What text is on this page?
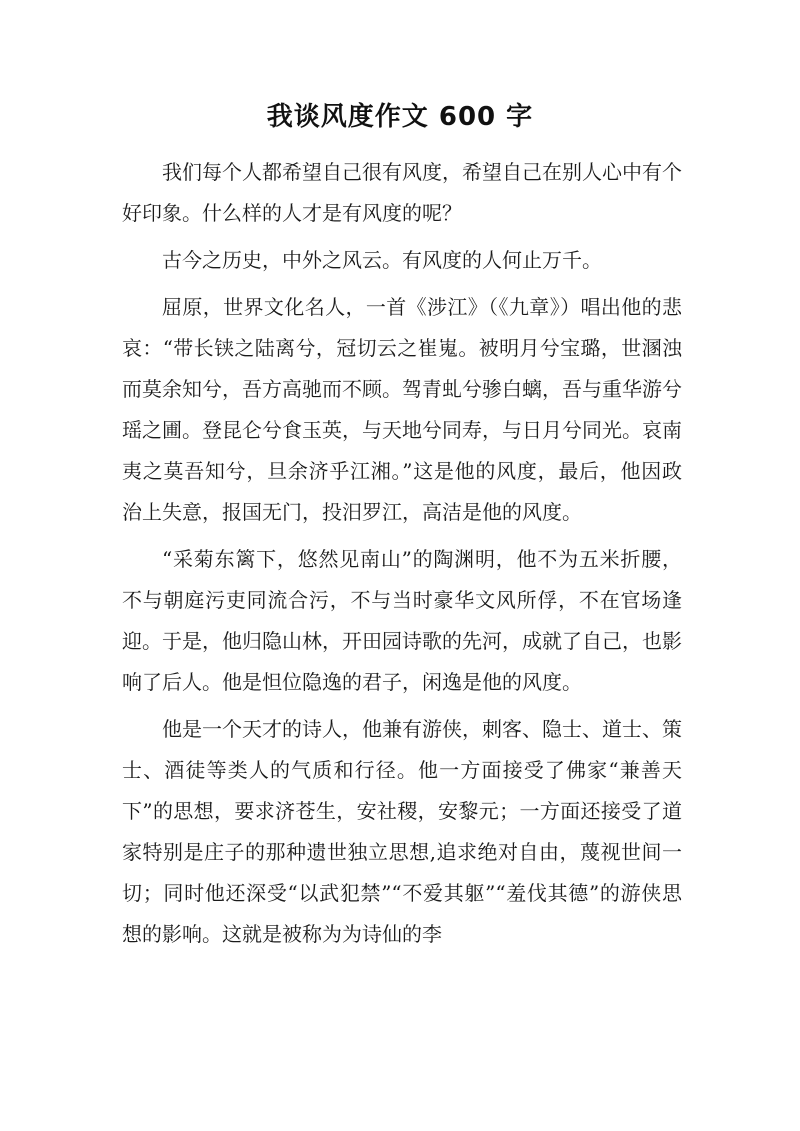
我谈风度作文 600 字

我们每个人都希望自己很有风度，希望自己在别人心中有个好印象。什么样的人才是有风度的呢？

古今之历史，中外之风云。有风度的人何止万千。

屈原，世界文化名人，一首《涉江》（《九章》）唱出他的悲哀：“带长铗之陆离兮，冠切云之崔嵬。被明月兮宝璐，世溷浊而莫余知兮，吾方高驰而不顾。驾青虬兮骖白螭，吾与重华游兮瑶之圃。登昆仑兮食玉英，与天地兮同寿，与日月兮同光。哀南夷之莫吾知兮，旦余济乎江湘。”这是他的风度，最后，他因政治上失意，报国无门，投汨罗江，高洁是他的风度。

“采菊东篱下，悠然见南山”的陶渊明，他不为五米折腰，不与朝庭污吏同流合污，不与当时豪华文风所俘，不在官场逢迎。于是，他归隐山林，开田园诗歌的先河，成就了自己，也影响了后人。他是怛位隐逸的君子，闲逸是他的风度。

他是一个天才的诗人，他兼有游侠，刺客、隐士、道士、策士、酒徒等类人的气质和行径。他一方面接受了佛家“兼善天下”的思想，要求济苍生，安社稷，安黎元；一方面还接受了道家特别是庄子的那种遗世独立思想,追求绝对自由，蔑视世间一切；同时他还深受“以武犯禁”“不爱其躯”“羞伐其德”的游侠思想的影响。这就是被称为为诗仙的李
